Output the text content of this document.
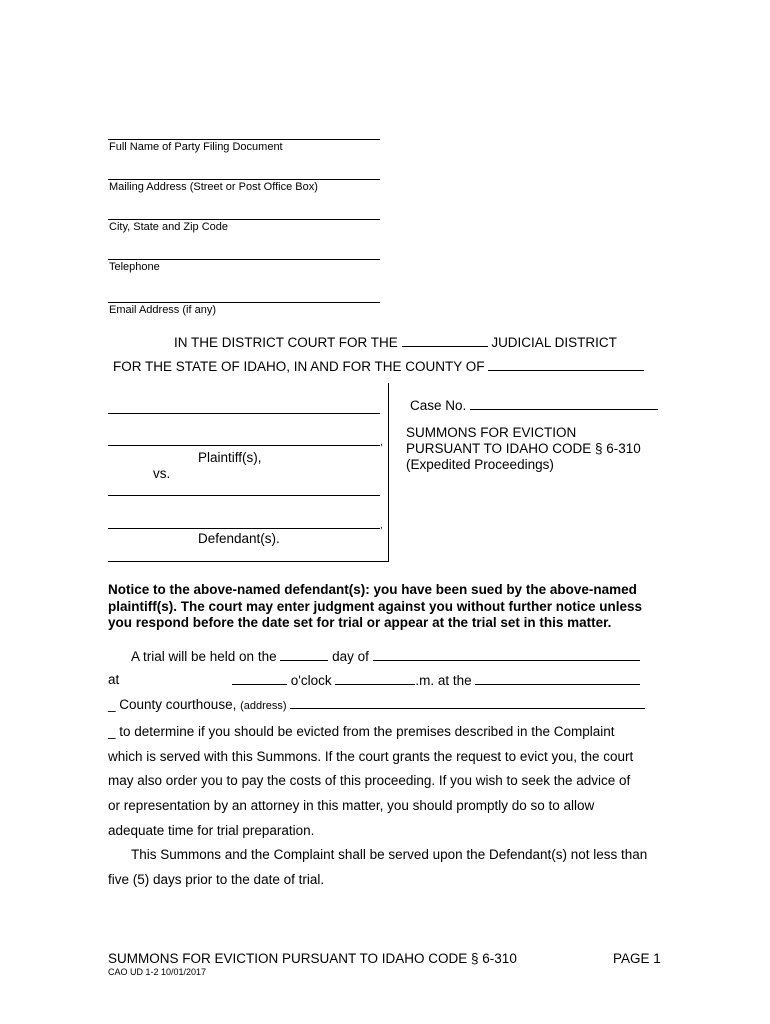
Full Name of Party Filing Document
Mailing Address (Street or Post Office Box)
City, State and Zip Code
Telephone
Email Address (if any)
IN THE DISTRICT COURT FOR THE	JUDICIAL DISTRICT
FOR THE STATE OF IDAHO, IN AND FOR THE COUNTY OF
,
Plaintiff(s),
vs.
,
Defendant(s).
Case No.
SUMMONS FOR EVICTION
PURSUANT TO IDAHO CODE § 6-310
(Expedited Proceedings)
Notice to the above-named defendant(s): you have been sued by the above-named
plaintiff(s). The court may enter judgment against you without further notice unless
you respond before the date set for trial or appear at the trial set in this matter.
A trial will be held on the	day of
at	o'clock	.m. at the
_ County courthouse, (address)
_ to determine if you should be evicted from the premises described in the Complaint
which is served with this Summons. If the court grants the request to evict you, the court
may also order you to pay the costs of this proceeding. If you wish to seek the advice of
or representation by an attorney in this matter, you should promptly do so to allow
adequate time for trial preparation.
This Summons and the Complaint shall be served upon the Defendant(s) not less than
five (5) days prior to the date of trial.
SUMMONS FOR EVICTION PURSUANT TO IDAHO CODE § 6-310	PAGE 1
CAO UD 1-2 10/01/2017
